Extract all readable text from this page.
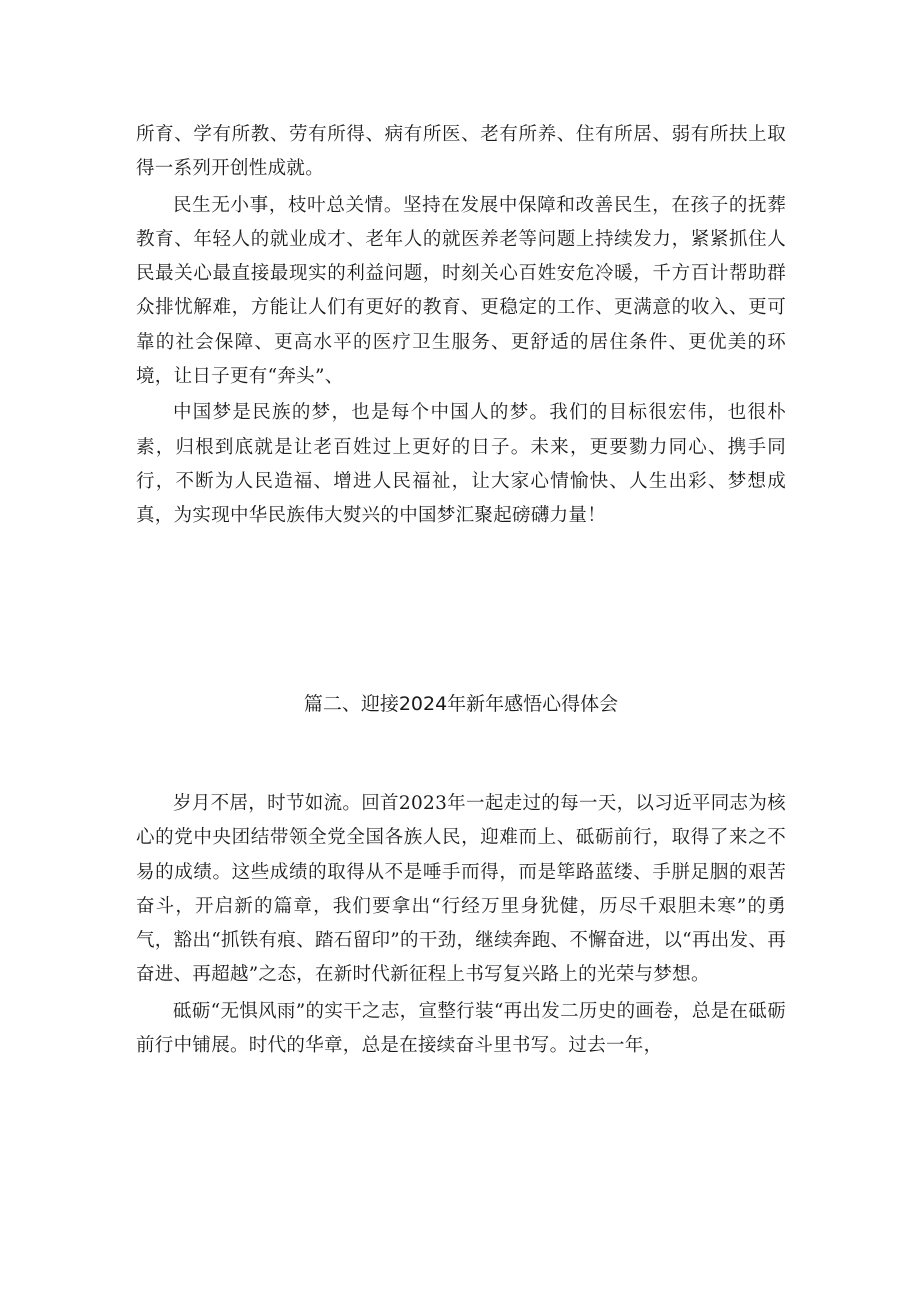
所育、学有所教、劳有所得、病有所医、老有所养、住有所居、弱有所扶上取得一系列开创性成就。

民生无小事，枝叶总关情。坚持在发展中保障和改善民生，在孩子的抚葬教育、年轻人的就业成才、老年人的就医养老等问题上持续发力，紧紧抓住人民最关心最直接最现实的利益问题，时刻关心百姓安危冷暖，千方百计帮助群众排忧解难，方能让人们有更好的教育、更稳定的工作、更满意的收入、更可靠的社会保障、更高水平的医疗卫生服务、更舒适的居住条件、更优美的环境，让日子更有“奔头”、

中国梦是民族的梦，也是每个中国人的梦。我们的目标很宏伟，也很朴素，归根到底就是让老百姓过上更好的日子。未来，更要勠力同心、携手同行，不断为人民造福、增进人民福祉，让大家心情愉快、人生出彩、梦想成真，为实现中华民族伟大熨兴的中国梦汇聚起磅礴力量！

篇二、迎接2024年新年感悟心得体会

岁月不居，时节如流。回首2023年一起走过的每一天，以习近平同志为核心的党中央团结带领全党全国各族人民，迎难而上、砥砺前行，取得了来之不易的成绩。这些成绩的取得从不是唾手而得，而是筚路蓝缕、手胼足胭的艰苦奋斗，开启新的篇章，我们要拿出“行经万里身犹健，历尽千艰胆未寒”的勇气，豁出“抓铁有痕、踏石留印”的干劲，继续奔跑、不懈奋进，以“再出发、再奋进、再超越”之态，在新时代新征程上书写复兴路上的光荣与梦想。

砥砺“无惧风雨”的实干之志，宣整行装“再出发二历史的画卷，总是在砥砺前行中铺展。时代的华章，总是在接续奋斗里书写。过去一年，
